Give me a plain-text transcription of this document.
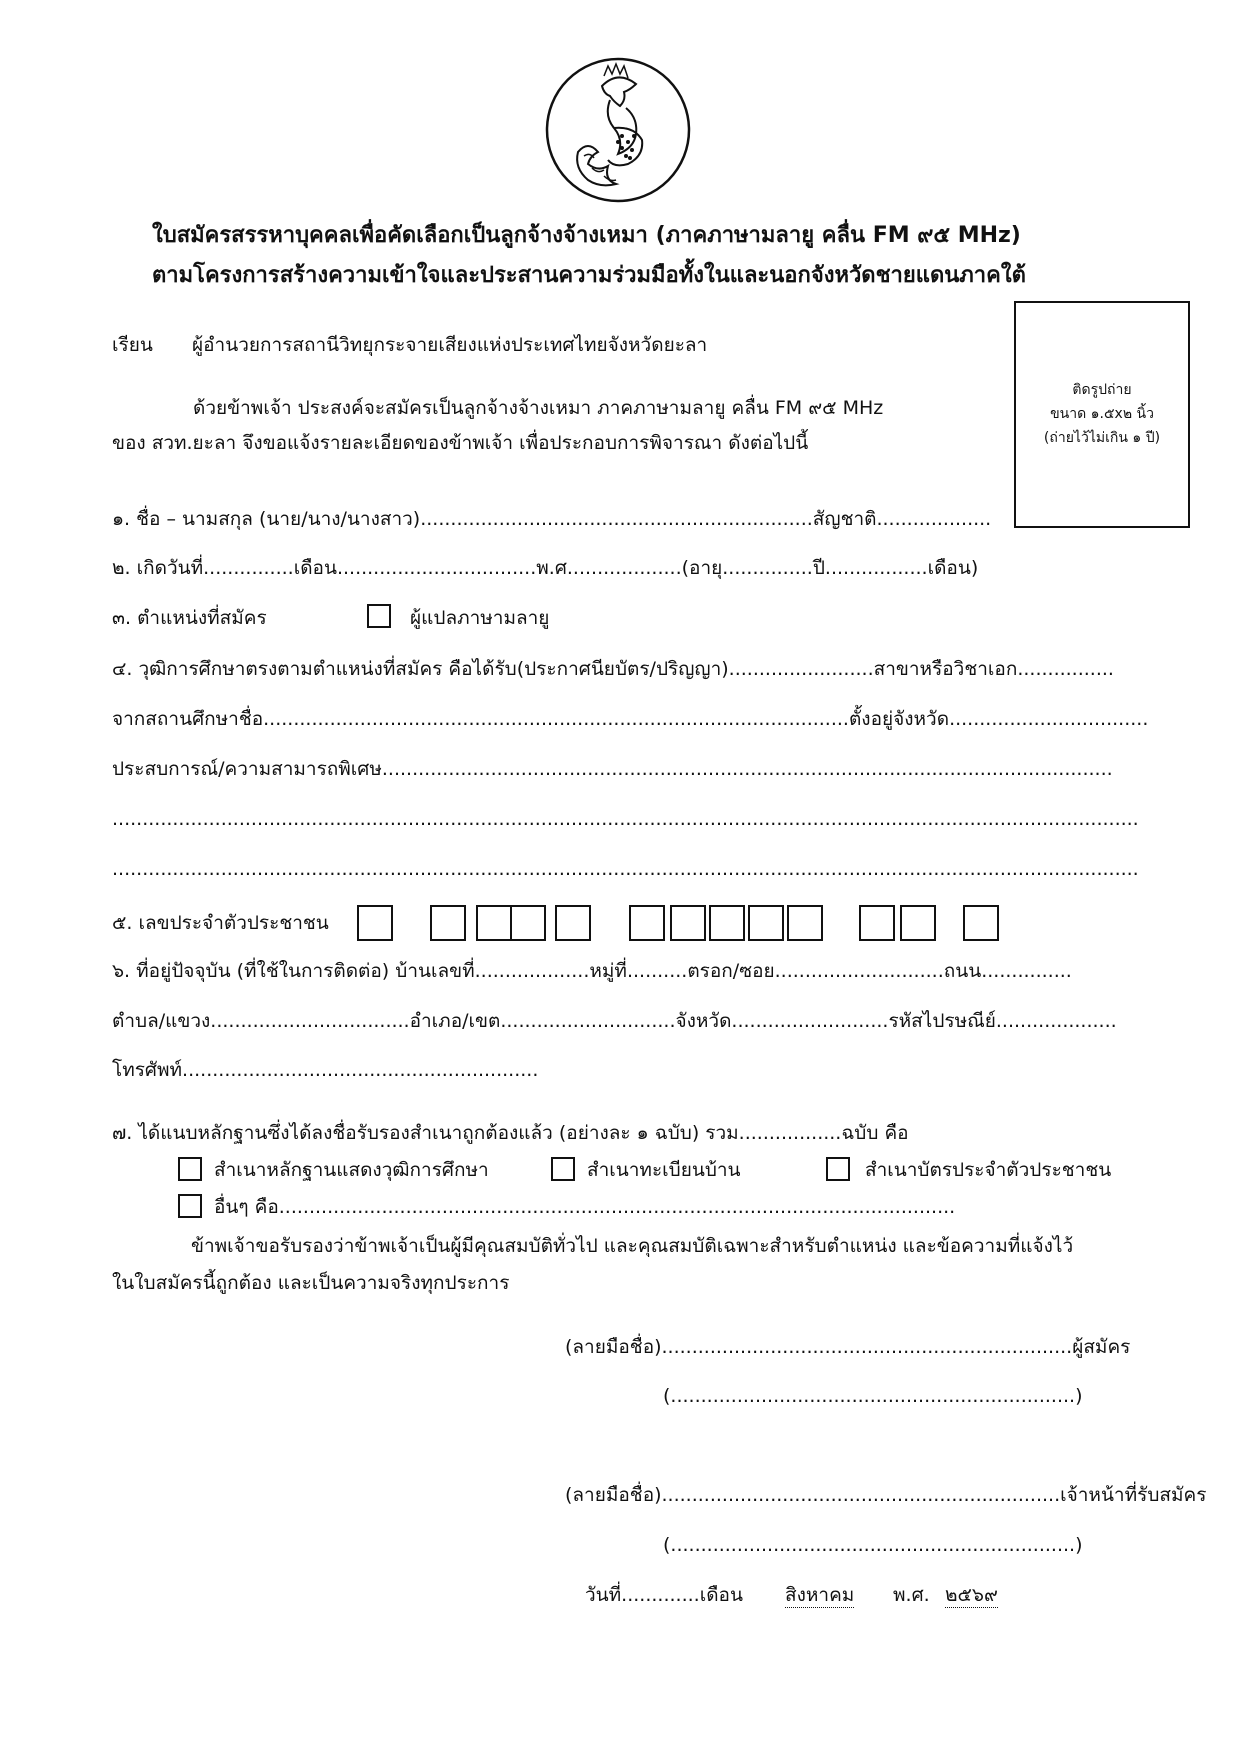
ใบสมัครสรรหาบุคคลเพื่อคัดเลือกเป็นลูกจ้างจ้างเหมา (ภาคภาษามลายู คลื่น FM ๙๕ MHz)
ตามโครงการสร้างความเข้าใจและประสานความร่วมมือทั้งในและนอกจังหวัดชายแดนภาคใต้
ติดรูปถ่าย
ขนาด ๑.๕x๒ นิ้ว
(ถ่ายไว้ไม่เกิน ๑ ปี)
เรียน ผู้อำนวยการสถานีวิทยุกระจายเสียงแห่งประเทศไทยจังหวัดยะลา
ด้วยข้าพเจ้า ประสงค์จะสมัครเป็นลูกจ้างจ้างเหมา ภาคภาษามลายู คลื่น FM ๙๕ MHz
ของ สวท.ยะลา จึงขอแจ้งรายละเอียดของข้าพเจ้า เพื่อประกอบการพิจารณา ดังต่อไปนี้
๑. ชื่อ – นามสกุล (นาย/นาง/นางสาว).................................................................สัญชาติ...................
๒. เกิดวันที่...............เดือน.................................พ.ศ...................(อายุ...............ปี.................เดือน)
๓. ตำแหน่งที่สมัคร	ผู้แปลภาษามลายู
๔. วุฒิการศึกษาตรงตามตำแหน่งที่สมัคร คือได้รับ(ประกาศนียบัตร/ปริญญา)........................สาขาหรือวิชาเอก................
จากสถานศึกษาชื่อ.................................................................................................ตั้งอยู่จังหวัด.................................
ประสบการณ์/ความสามารถพิเศษ.........................................................................................................................
..........................................................................................................................................................................
..........................................................................................................................................................................
๕. เลขประจำตัวประชาชน
๖. ที่อยู่ปัจจุบัน (ที่ใช้ในการติดต่อ) บ้านเลขที่...................หมู่ที่..........ตรอก/ซอย............................ถนน...............
ตำบล/แขวง.................................อำเภอ/เขต.............................จังหวัด..........................รหัสไปรษณีย์....................
โทรศัพท์...........................................................
๗. ได้แนบหลักฐานซึ่งได้ลงชื่อรับรองสำเนาถูกต้องแล้ว (อย่างละ ๑ ฉบับ) รวม.................ฉบับ คือ
สำเนาหลักฐานแสดงวุฒิการศึกษา	สำเนาทะเบียนบ้าน	สำเนาบัตรประจำตัวประชาชน
อื่นๆ คือ................................................................................................................
ข้าพเจ้าขอรับรองว่าข้าพเจ้าเป็นผู้มีคุณสมบัติทั่วไป และคุณสมบัติเฉพาะสำหรับตำแหน่ง และข้อความที่แจ้งไว้
ในใบสมัครนี้ถูกต้อง และเป็นความจริงทุกประการ
(ลายมือชื่อ)....................................................................ผู้สมัคร
(...................................................................)
(ลายมือชื่อ)..................................................................เจ้าหน้าที่รับสมัคร
(...................................................................)
วันที่.............เดือน สิงหาคม พ.ศ. ๒๕๖๙
